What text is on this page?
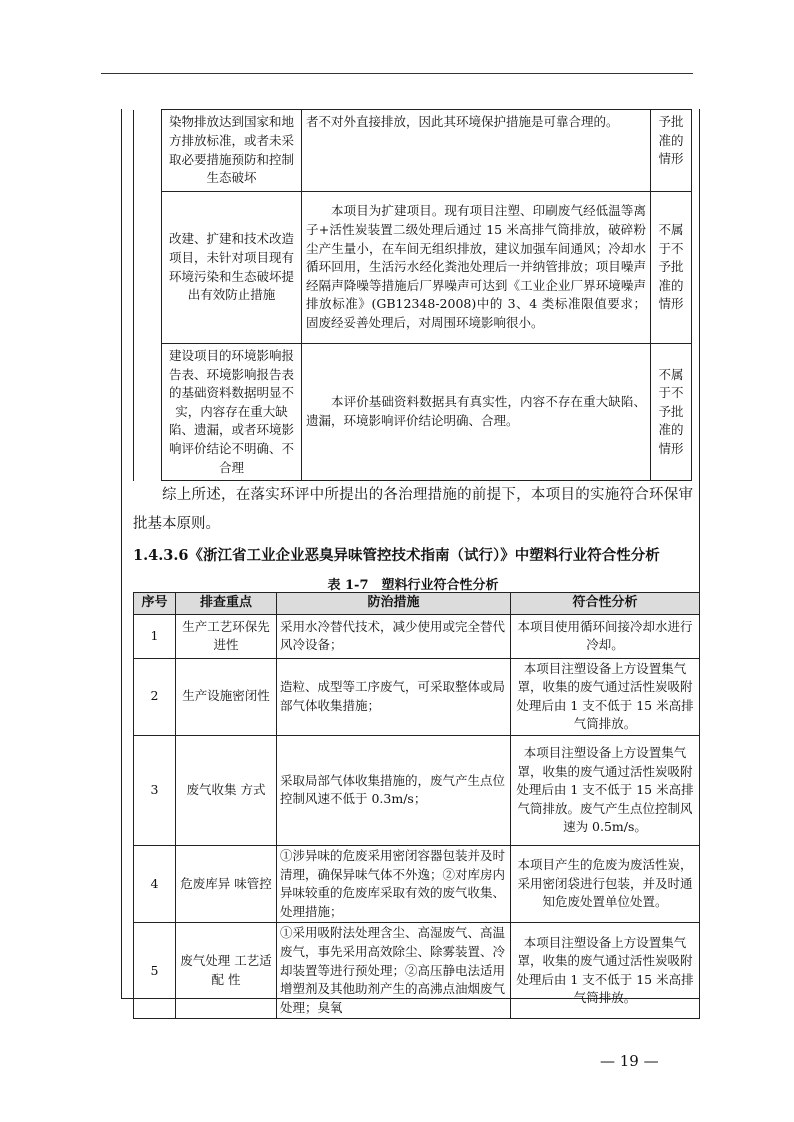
	染物排放达到国家和地方排放标准，或者未采取必要措施预防和控制生态破坏	者不对外直接排放，因此其环境保护措施是可靠合理的。	予批准的情形
	改建、扩建和技术改造项目，未针对项目现有环境污染和生态破坏提出有效防止措施	本项目为扩建项目。现有项目注塑、印刷废气经低温等离子+活性炭装置二级处理后通过 15 米高排气筒排放，破碎粉尘产生量小，在车间无组织排放，建议加强车间通风；冷却水循环回用，生活污水经化粪池处理后一并纳管排放；项目噪声经隔声降噪等措施后厂界噪声可达到《工业企业厂界环境噪声排放标准》(GB12348-2008)中的 3、4 类标准限值要求；固废经妥善处理后，对周围环境影响很小。	不属于不予批准的情形
	建设项目的环境影响报告表、环境影响报告表的基础资料数据明显不实，内容存在重大缺陷、遗漏，或者环境影响评价结论不明确、不合理	本评价基础资料数据具有真实性，内容不存在重大缺陷、遗漏，环境影响评价结论明确、合理。	不属于不予批准的情形
综上所述，在落实环评中所提出的各治理措施的前提下，本项目的实施符合环保审批基本原则。
1.4.3.6《浙江省工业企业恶臭异味管控技术指南（试行）》中塑料行业符合性分析
表 1-7　塑料行业符合性分析
序号	排查重点	防治措施	符合性分析
1	生产工艺环保先进性	采用水冷替代技术，减少使用或完全替代风冷设备；	本项目使用循环间接冷却水进行冷却。
2	生产设施密闭性	造粒、成型等工序废气，可采取整体或局部气体收集措施；	本项目注塑设备上方设置集气罩，收集的废气通过活性炭吸附处理后由 1 支不低于 15 米高排气筒排放。
3	废气收集 方式	采取局部气体收集措施的，废气产生点位控制风速不低于 0.3m/s；	本项目注塑设备上方设置集气罩，收集的废气通过活性炭吸附处理后由 1 支不低于 15 米高排气筒排放。废气产生点位控制风速为 0.5m/s。
4	危废库异 味管控	①涉异味的危废采用密闭容器包装并及时清理，确保异味气体不外逸；②对库房内异味较重的危废库采取有效的废气收集、处理措施；	本项目产生的危废为废活性炭，采用密闭袋进行包装，并及时通知危废处置单位处置。
5	废气处理 工艺适配 性	①采用吸附法处理含尘、高湿废气、高温废气，事先采用高效除尘、除雾装置、冷却装置等进行预处理；②高压静电法适用增塑剂及其他助剂产生的高沸点油烟废气处理；臭氧	本项目注塑设备上方设置集气罩，收集的废气通过活性炭吸附处理后由 1 支不低于 15 米高排气筒排放。
— 19 —
